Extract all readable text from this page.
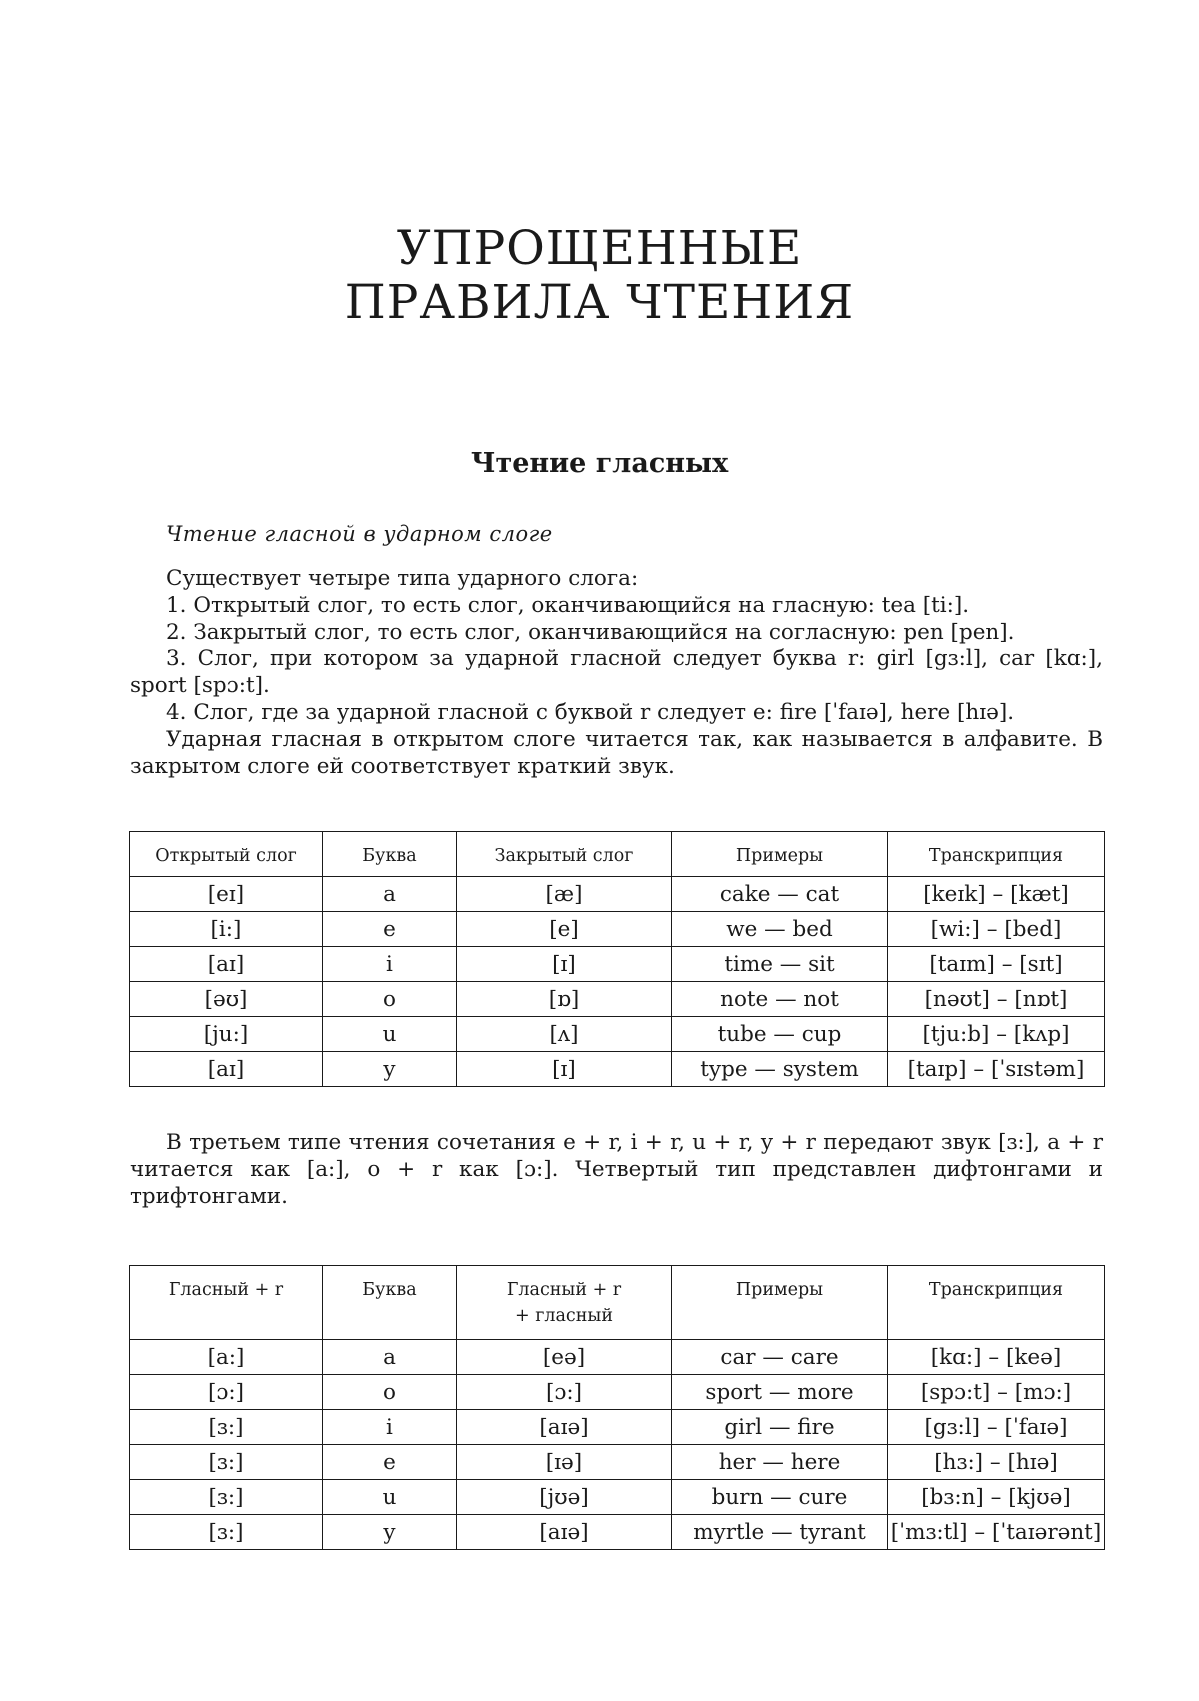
УПРОЩЕННЫЕ
ПРАВИЛА ЧТЕНИЯ
Чтение гласных

Чтение гласной в ударном слоге

Существует четыре типа ударного слога:

1. Открытый слог, то есть слог, оканчивающийся на гласную: tea [ti:].

2. Закрытый слог, то есть слог, оканчивающийся на согласную: pen [pen].

3. Слог, при котором за ударной гласной следует буква r: girl [gɜ:l], car [kɑ:], sport [spɔ:t].

4. Слог, где за ударной гласной с буквой r следует е: fire [ˈfaɪə], here [hɪə].

Ударная гласная в открытом слоге читается так, как называется в алфавите. В закрытом слоге ей соответствует краткий звук.

Открытый слог	Буква	Закрытый слог	Примеры	Транскрипция
[eɪ]	a	[æ]	cake — cat	[keɪk] – [kæt]
[i:]	e	[e]	we — bed	[wi:] – [bed]
[aɪ]	i	[ɪ]	time — sit	[taɪm] – [sɪt]
[əʊ]	o	[ɒ]	note — not	[nəʊt] – [nɒt]
[ju:]	u	[ʌ]	tube — cup	[tju:b] – [kʌp]
[aɪ]	y	[ɪ]	type — system	[taɪp] – [ˈsɪstəm]

В третьем типе чтения сочетания е + r, i + r, u + r, y + r передают звук [ɜ:], а + r читается как [a:], o + r как [ɔ:]. Четвертый тип представлен дифтонгами и трифтонгами.

Гласный + r	Буква	Гласный + r
+ гласный	Примеры	Транскрипция
[a:]	a	[eə]	car — care	[kɑ:] – [keə]
[ɔ:]	o	[ɔ:]	sport — more	[spɔ:t] – [mɔ:]
[ɜ:]	i	[aɪə]	girl — fire	[gɜ:l] – [ˈfaɪə]
[ɜ:]	e	[ɪə]	her — here	[hɜ:] – [hɪə]
[ɜ:]	u	[jʊə]	burn — cure	[bɜ:n] – [kjʊə]
[ɜ:]	y	[aɪə]	myrtle — tyrant	[ˈmɜ:tl] – [ˈtaɪərənt]
